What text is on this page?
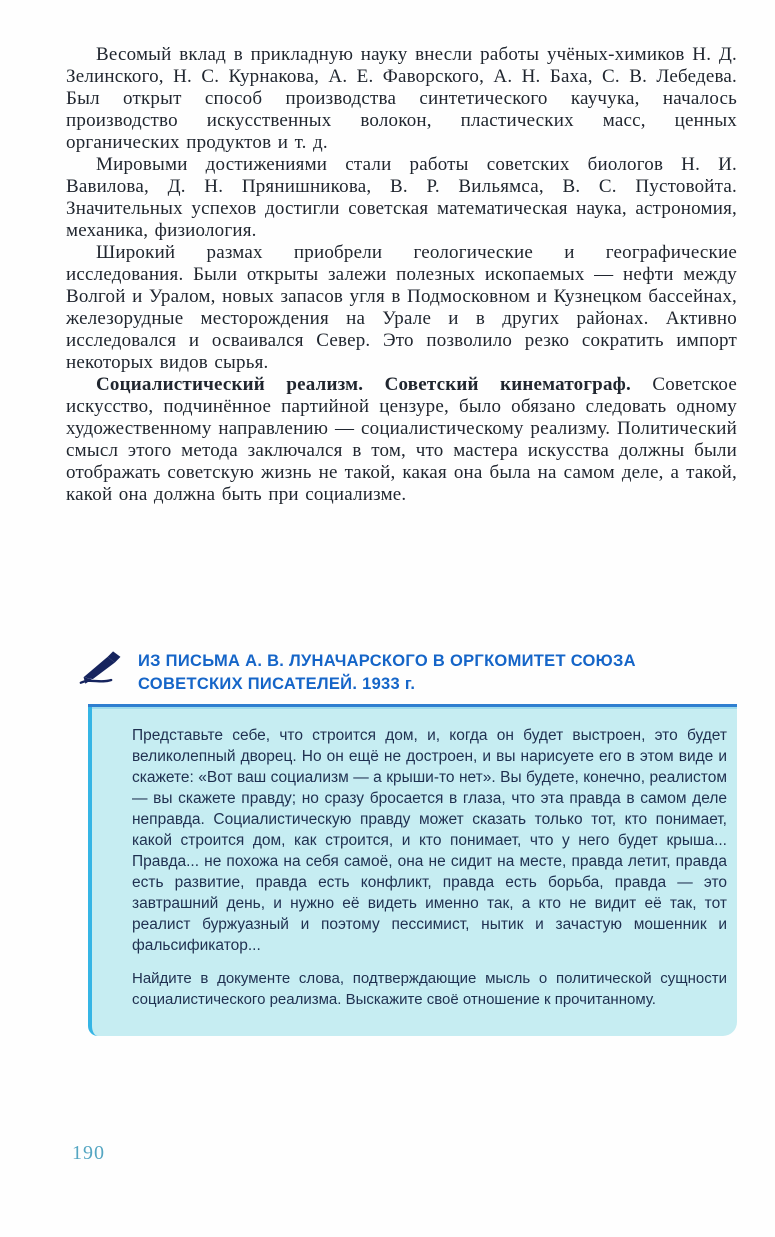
Весомый вклад в прикладную науку внесли работы учёных-химиков Н. Д. Зелинского, Н. С. Курнакова, А. Е. Фаворского, А. Н. Баха, С. В. Лебедева. Был открыт способ производства синтетического каучука, началось производство искусственных волокон, пластических масс, ценных органических продуктов и т. д.

Мировыми достижениями стали работы советских биологов Н. И. Вавилова, Д. Н. Прянишникова, В. Р. Вильямса, В. С. Пустовойта. Значительных успехов достигли советская математическая наука, астрономия, механика, физиология.

Широкий размах приобрели геологические и географические исследования. Были открыты залежи полезных ископаемых — нефти между Волгой и Уралом, новых запасов угля в Подмосковном и Кузнецком бассейнах, железорудные месторождения на Урале и в других районах. Активно исследовался и осваивался Север. Это позволило резко сократить импорт некоторых видов сырья.

Социалистический реализм. Советский кинематограф. Советское искусство, подчинённое партийной цензуре, было обязано следовать одному художественному направлению — социалистическому реализму. Политический смысл этого метода заключался в том, что мастера искусства должны были отображать советскую жизнь не такой, какая она была на самом деле, а такой, какой она должна быть при социализме.

ИЗ ПИСЬМА А. В. ЛУНАЧАРСКОГО В ОРГКОМИТЕТ СОЮЗА СОВЕТСКИХ ПИСАТЕЛЕЙ. 1933 г.

Представьте себе, что строится дом, и, когда он будет выстроен, это будет великолепный дворец. Но он ещё не достроен, и вы нарисуете его в этом виде и скажете: «Вот ваш социализм — а крыши-то нет». Вы будете, конечно, реалистом — вы скажете правду; но сразу бросается в глаза, что эта правда в самом деле неправда. Социалистическую правду может сказать только тот, кто понимает, какой строится дом, как строится, и кто понимает, что у него будет крыша... Правда... не похожа на себя самоё, она не сидит на месте, правда летит, правда есть развитие, правда есть конфликт, правда есть борьба, правда — это завтрашний день, и нужно её видеть именно так, а кто не видит её так, тот реалист буржуазный и поэтому пессимист, нытик и зачастую мошенник и фальсификатор...

Найдите в документе слова, подтверждающие мысль о политической сущности социалистического реализма. Выскажите своё отношение к прочитанному.

190
